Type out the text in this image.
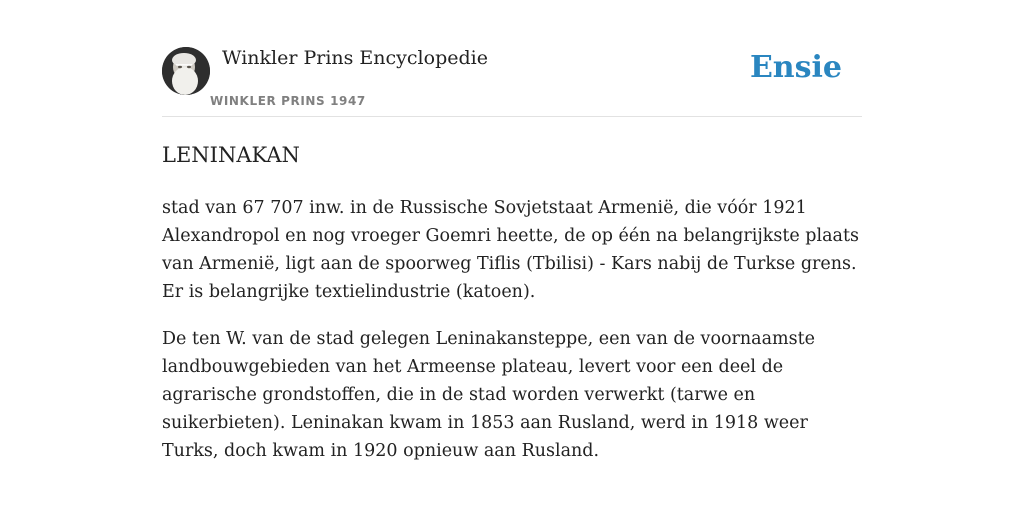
Winkler Prins Encyclopedie
WINKLER PRINS 1947
Ensie
LENINAKAN

stad van 67 707 inw. in de Russische Sovjetstaat Armenië, die vóór 1921 Alexandropol en nog vroeger Goemri heette, de op één na belangrijkste plaats van Armenië, ligt aan de spoorweg Tiflis (Tbilisi) - Kars nabij de Turkse grens. Er is belangrijke textielindustrie (katoen).

De ten W. van de stad gelegen Leninakansteppe, een van de voornaamste landbouwgebieden van het Armeense plateau, levert voor een deel de agrarische grondstoffen, die in de stad worden verwerkt (tarwe en suikerbieten). Leninakan kwam in 1853 aan Rusland, werd in 1918 weer Turks, doch kwam in 1920 opnieuw aan Rusland.
